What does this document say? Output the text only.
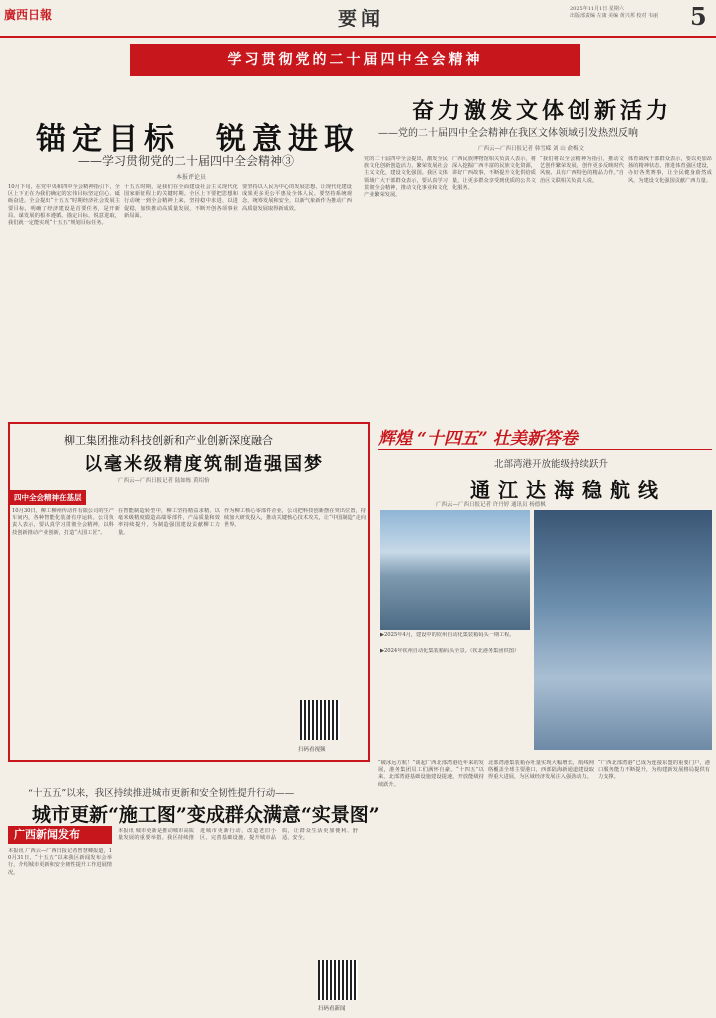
廣西日報	要闻	2025年11月1日 星期六
出版部责编 左康 美编 黄兴邦 校对 韦丽 5
学习贯彻党的二十届四中全会精神
锚定目标　锐意进取
——学习贯彻党的二十届四中全会精神③
本报评论员
10月下旬，在党中央和四中全会精神指引下，全区上下正在为我们确定的宏伟目标坚定信心、砥砺奋进。全会提出“十五五”时期经济社会发展主要目标，明确了经济建设是首要任务，是开新局、谋发展的根本遵循。锚定目标，锐意进取，我们就一定能实现“十五五”规划目标任务。
十五五时期，是我们在全面建设社会主义现代化国家新征程上的关键时期。全区上下要把思想和行动统一到全会精神上来，坚持稳中求进、以进促稳，加快推动高质量发展，不断开创各项事业新局面。
要坚持以人民为中心的发展思想，让现代化建设成果更多更公平惠及全体人民。要坚持系统观念，统筹发展和安全，以新气象新作为推动广西高质量发展取得新成效。
奋力激发文体创新活力
——党的二十届四中全会精神在我区文体领域引发热烈反响
广西云—广西日报记者 韩雪嵘 刘 山 俞梅文
党的二十届四中全会提出，激发全民族文化创新创造活力，繁荣发展社会主义文化，建设文化强国。我区文体领域广大干部群众表示，要认真学习贯彻全会精神，推动文化事业和文化产业繁荣发展。
广西民族博物馆相关负责人表示，将深入挖掘广西丰富的民族文化资源，讲好广西故事，不断提升文化供给质量，让更多群众享受到优质的公共文化服务。
“我们将以全会精神为指引，推动文艺创作繁荣发展，创作更多反映时代风貌、具有广西特色的精品力作。”自治区文联相关负责人说。
体育战线干部群众表示，要以更加昂扬的精神状态，推进体育强区建设，办好各类赛事，让全民健身蔚然成风，为建设文化强国贡献广西力量。
柳工集团推动科技创新和产业创新深度融合
以毫米级精度筑制造强国梦
广西云—广西日报记者 陆如栋 黄绍怡
四中全会精神在基层
10月30日，柳工柳州传动件有限公司的生产车间内，各种智能化装备有序运转。公司负责人表示，要认真学习贯彻全会精神，以科技创新推动产业创新，打造“大国工匠”。
在智能制造转型中，柳工坚持精益求精，以毫米级精度锻造高端零部件，产品质量和效率持续提升，为制造强国建设贡献柳工力量。
作为柳工核心零部件企业，公司把科技创新摆在突出位置，持续加大研发投入，推动关键核心技术攻关，让“中国制造”走向世界。
扫码看视频
“十五五”以来，我区持续推进城市更新和安全韧性提升行动——
城市更新“施工图”变成群众满意“实景图”
广西新闻发布
本报讯 广西云—广西日报记者曾慧卿报道，10月31日，“十五五”以来我区新闻发布会举行，介绍城市更新和安全韧性提升工作进展情况。
本报讯 城市更新是推动城市高质量发展的重要举措。我区持续推进城市更新行动，改造老旧小区，完善基础设施，提升城市品质，让群众生活更加便利、舒适、安全。
辉煌 “十四五” 壮美新答卷
北部湾港开放能级持续跃升
通江达海稳航线
广西云—广西日报记者 许丹婷 通讯员 杨德枫
▶2025年4月，建设中的钦州自动化集装箱码头一期工程。
▶2024年钦州自动化集装箱码头全景。（钦北港务集团供图）
“破冰远方航！”谈起广西北部湾港近年来的发展，港务集团员工们满怀自豪。“十四五”以来，北部湾港基础设施建设提速，开放能级持续跃升。
北部湾港集装箱吞吐量实现大幅增长，航线网络覆盖全球主要港口，西部陆海新通道建设取得重大进展，为区域经济发展注入强劲动力。
“广西北部湾港”已成为连接东盟的重要门户，港口服务能力不断提升，为构建新发展格局提供有力支撑。
扫码看新闻
